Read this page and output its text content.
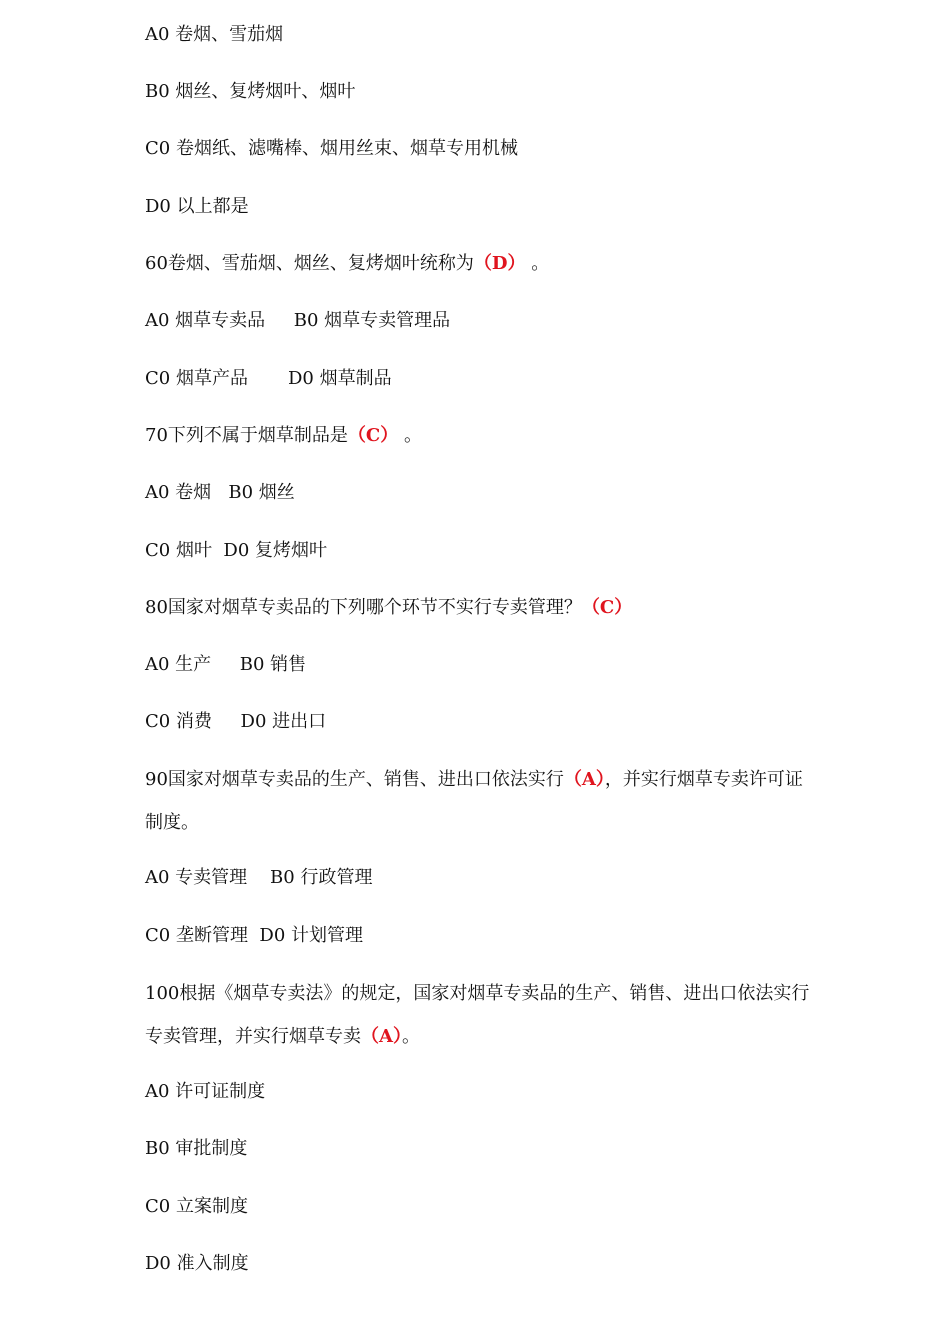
A0 卷烟、雪茄烟
B0 烟丝、复烤烟叶、烟叶
C0 卷烟纸、滤嘴棒、烟用丝束、烟草专用机械
D0 以上都是
60卷烟、雪茄烟、烟丝、复烤烟叶统称为（D） 。
A0 烟草专卖品     B0 烟草专卖管理品
C0 烟草产品       D0 烟草制品
70下列不属于烟草制品是（C） 。
A0 卷烟   B0 烟丝
C0 烟叶  D0 复烤烟叶
80国家对烟草专卖品的下列哪个环节不实行专卖管理？（C）
A0 生产     B0 销售
C0 消费     D0 进出口
90国家对烟草专卖品的生产、销售、进出口依法实行（A），并实行烟草专卖许可证制度。
A0 专卖管理    B0 行政管理
C0 垄断管理  D0 计划管理
100根据《烟草专卖法》的规定，国家对烟草专卖品的生产、销售、进出口依法实行专卖管理，并实行烟草专卖（A）。
A0 许可证制度
B0 审批制度
C0 立案制度
D0 准入制度
